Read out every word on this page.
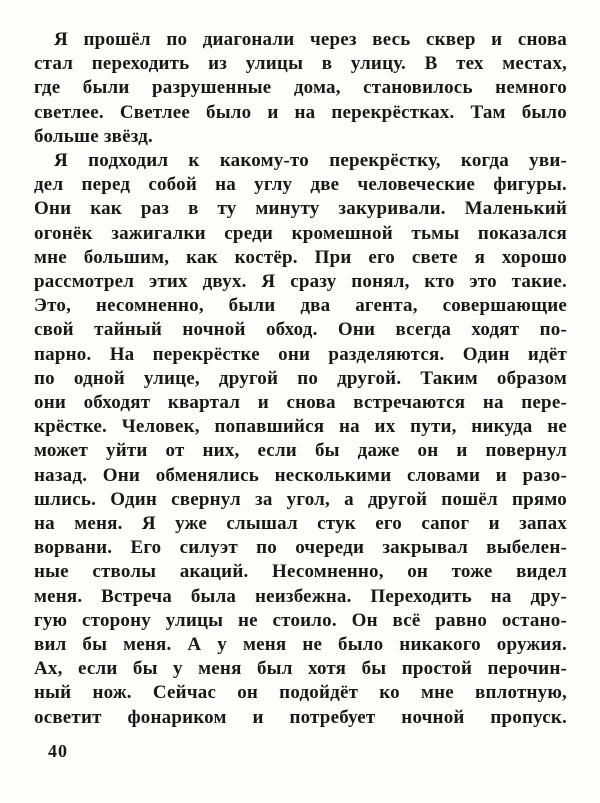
Я прошёл по диагонали через весь сквер и снова
стал переходить из улицы в улицу. В тех местах,
где были разрушенные дома, становилось немного
светлее. Светлее было и на перекрёстках. Там было
больше звёзд.
Я подходил к какому-то перекрёстку, когда уви-
дел перед собой на углу две человеческие фигуры.
Они как раз в ту минуту закуривали. Маленький
огонёк зажигалки среди кромешной тьмы показался
мне большим, как костёр. При его свете я хорошо
рассмотрел этих двух. Я сразу понял, кто это такие.
Это, несомненно, были два агента, совершающие
свой тайный ночной обход. Они всегда ходят по-
парно. На перекрёстке они разделяются. Один идёт
по одной улице, другой по другой. Таким образом
они обходят квартал и снова встречаются на пере-
крёстке. Человек, попавшийся на их пути, никуда не
может уйти от них, если бы даже он и повернул
назад. Они обменялись несколькими словами и разо-
шлись. Один свернул за угол, а другой пошёл прямо
на меня. Я уже слышал стук его сапог и запах
ворвани. Его силуэт по очереди закрывал выбелен-
ные стволы акаций. Несомненно, он тоже видел
меня. Встреча была неизбежна. Переходить на дру-
гую сторону улицы не стоило. Он всё равно остано-
вил бы меня. А у меня не было никакого оружия.
Ах, если бы у меня был хотя бы простой перочин-
ный нож. Сейчас он подойдёт ко мне вплотную,
осветит фонариком и потребует ночной пропуск.
40
